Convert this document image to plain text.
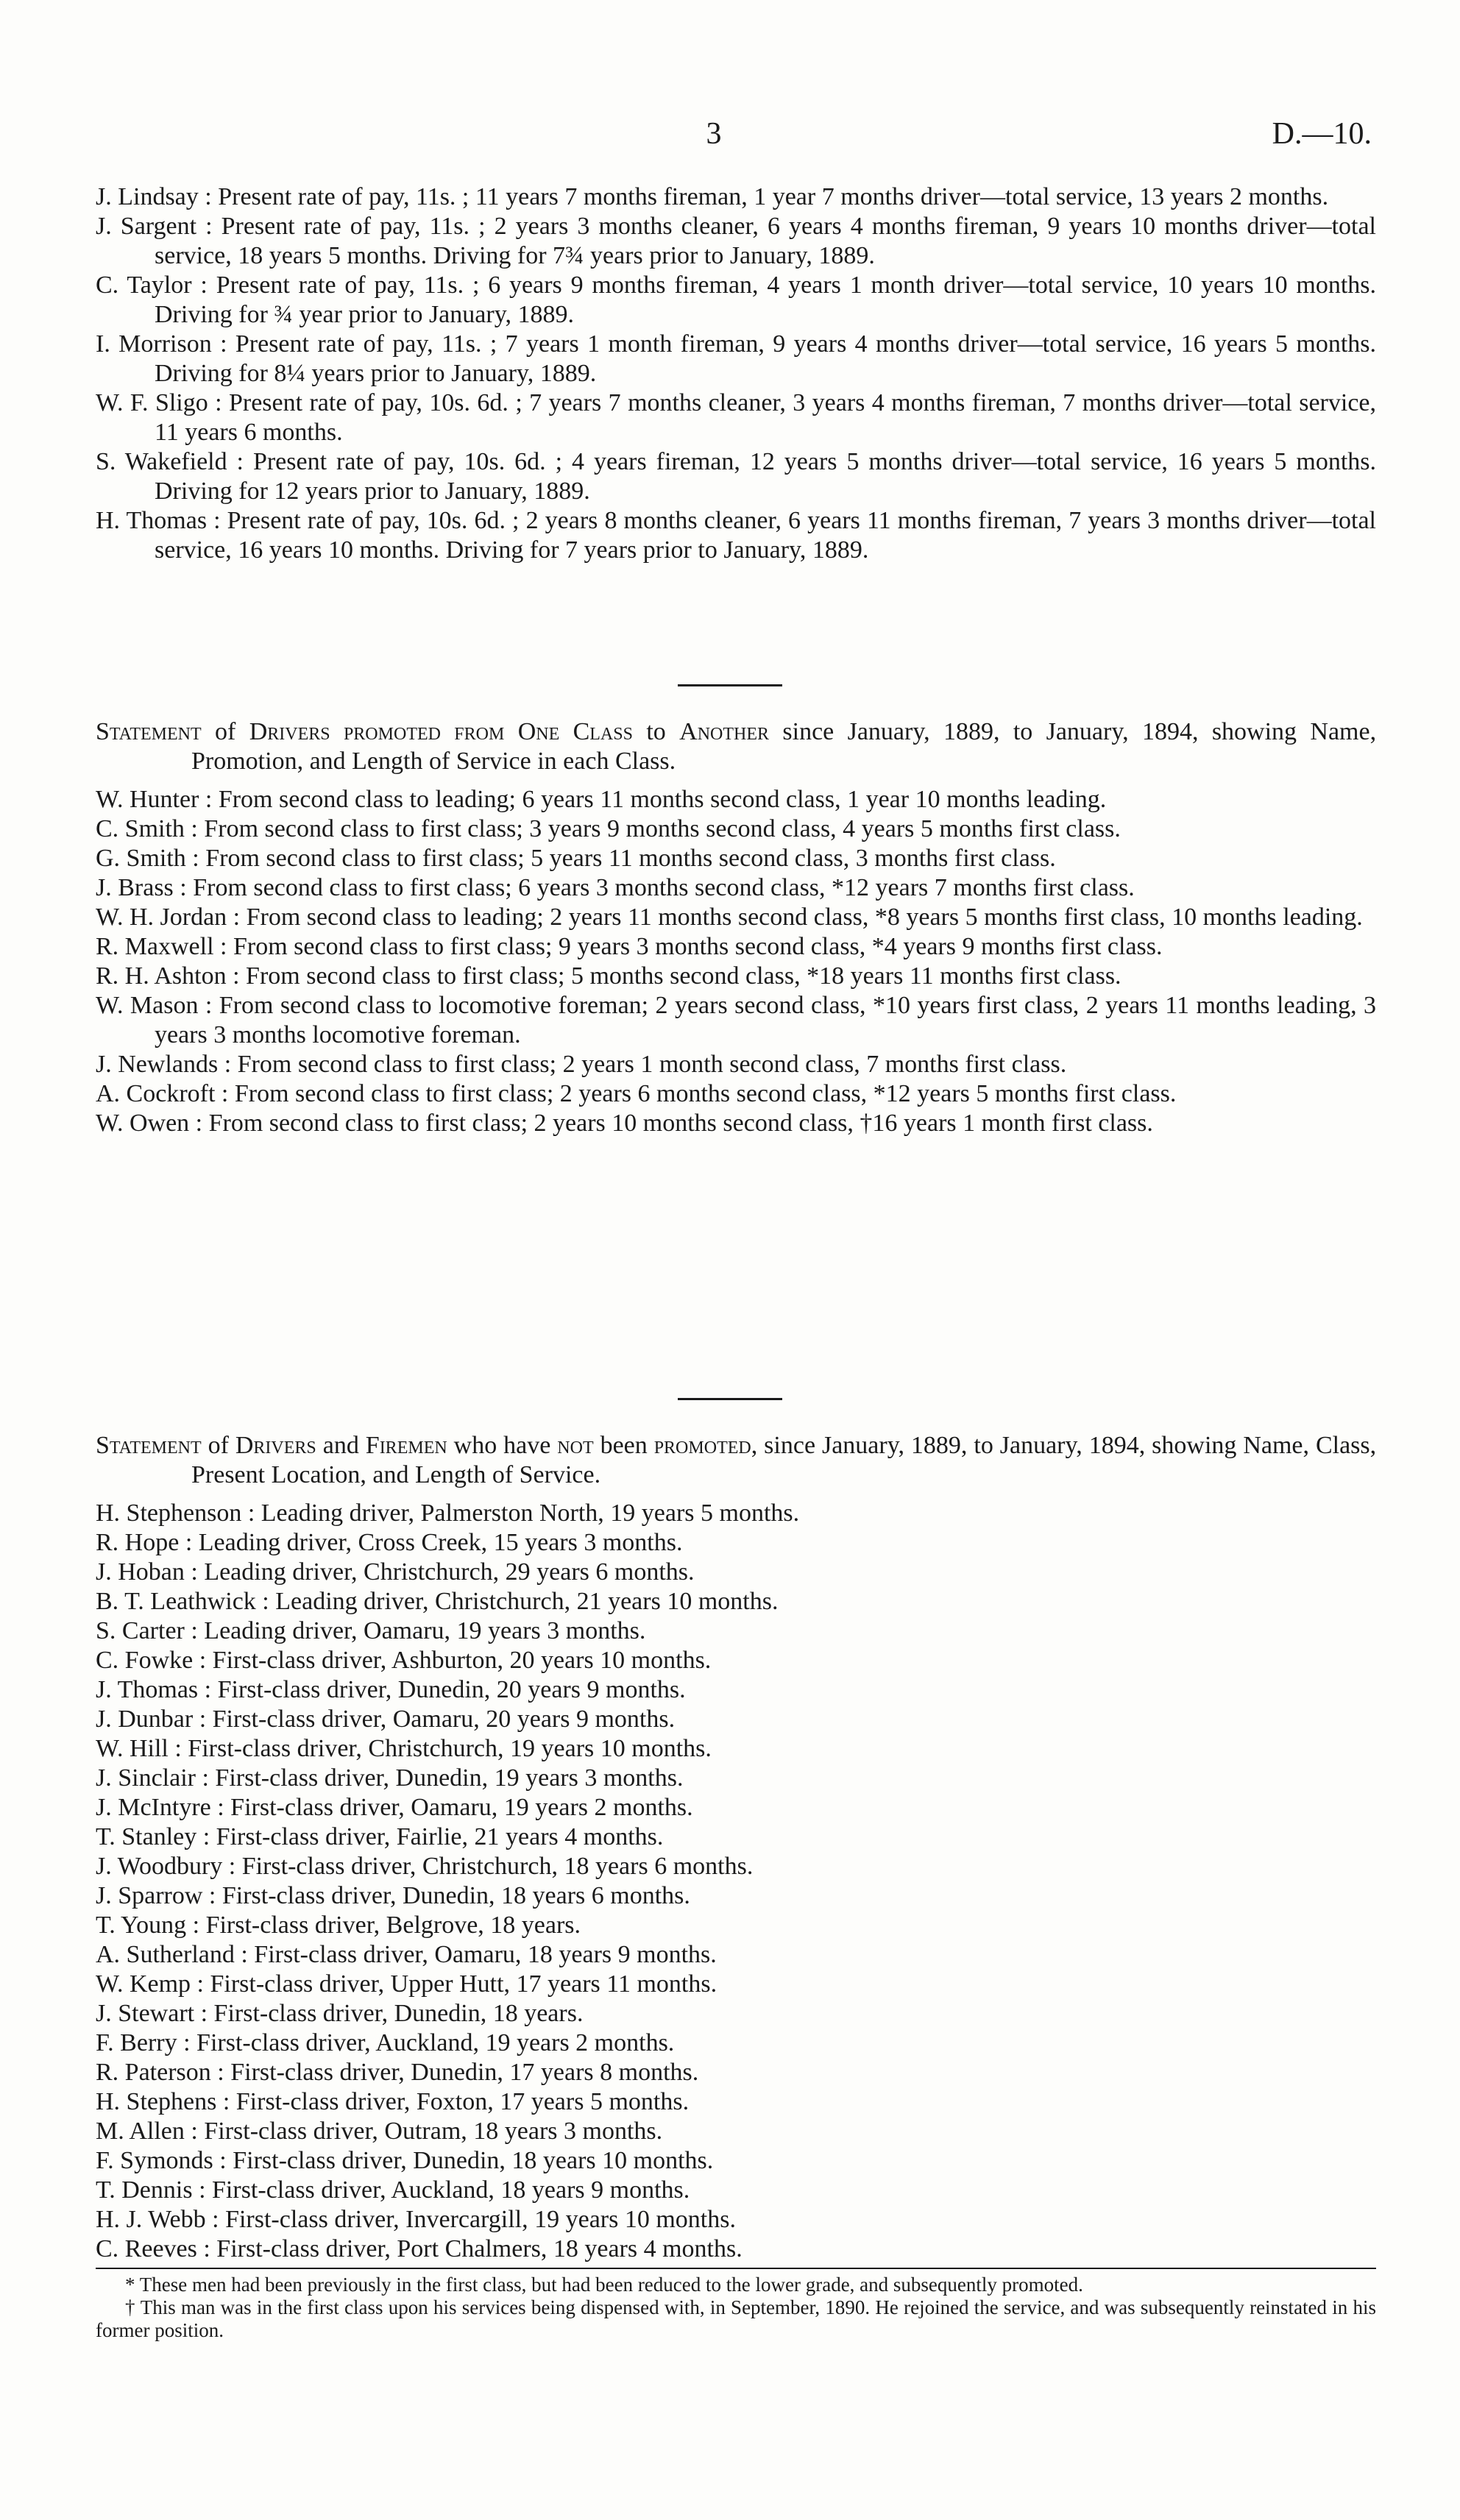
3	D.—10.

J. Lindsay : Present rate of pay, 11s. ; 11 years 7 months fireman, 1 year 7 months driver—total service, 13 years 2 months.

J. Sargent : Present rate of pay, 11s. ; 2 years 3 months cleaner, 6 years 4 months fireman, 9 years 10 months driver—total service, 18 years 5 months. Driving for 7¾ years prior to January, 1889.

C. Taylor : Present rate of pay, 11s. ; 6 years 9 months fireman, 4 years 1 month driver—total service, 10 years 10 months. Driving for ¾ year prior to January, 1889.

I. Morrison : Present rate of pay, 11s. ; 7 years 1 month fireman, 9 years 4 months driver—total service, 16 years 5 months. Driving for 8¼ years prior to January, 1889.

W. F. Sligo : Present rate of pay, 10s. 6d. ; 7 years 7 months cleaner, 3 years 4 months fireman, 7 months driver—total service, 11 years 6 months.

S. Wakefield : Present rate of pay, 10s. 6d. ; 4 years fireman, 12 years 5 months driver—total service, 16 years 5 months. Driving for 12 years prior to January, 1889.

H. Thomas : Present rate of pay, 10s. 6d. ; 2 years 8 months cleaner, 6 years 11 months fireman, 7 years 3 months driver—total service, 16 years 10 months. Driving for 7 years prior to January, 1889.

Statement of Drivers promoted from One Class to Another since January, 1889, to January, 1894, showing Name, Promotion, and Length of Service in each Class.

W. Hunter : From second class to leading; 6 years 11 months second class, 1 year 10 months leading.

C. Smith : From second class to first class; 3 years 9 months second class, 4 years 5 months first class.

G. Smith : From second class to first class; 5 years 11 months second class, 3 months first class.

J. Brass : From second class to first class; 6 years 3 months second class, *12 years 7 months first class.

W. H. Jordan : From second class to leading; 2 years 11 months second class, *8 years 5 months first class, 10 months leading.

R. Maxwell : From second class to first class; 9 years 3 months second class, *4 years 9 months first class.

R. H. Ashton : From second class to first class; 5 months second class, *18 years 11 months first class.

W. Mason : From second class to locomotive foreman; 2 years second class, *10 years first class, 2 years 11 months leading, 3 years 3 months locomotive foreman.

J. Newlands : From second class to first class; 2 years 1 month second class, 7 months first class.

A. Cockroft : From second class to first class; 2 years 6 months second class, *12 years 5 months first class.

W. Owen : From second class to first class; 2 years 10 months second class, †16 years 1 month first class.

Statement of Drivers and Firemen who have not been promoted, since January, 1889, to January, 1894, showing Name, Class, Present Location, and Length of Service.

H. Stephenson : Leading driver, Palmerston North, 19 years 5 months.

R. Hope : Leading driver, Cross Creek, 15 years 3 months.

J. Hoban : Leading driver, Christchurch, 29 years 6 months.

B. T. Leathwick : Leading driver, Christchurch, 21 years 10 months.

S. Carter : Leading driver, Oamaru, 19 years 3 months.

C. Fowke : First-class driver, Ashburton, 20 years 10 months.

J. Thomas : First-class driver, Dunedin, 20 years 9 months.

J. Dunbar : First-class driver, Oamaru, 20 years 9 months.

W. Hill : First-class driver, Christchurch, 19 years 10 months.

J. Sinclair : First-class driver, Dunedin, 19 years 3 months.

J. McIntyre : First-class driver, Oamaru, 19 years 2 months.

T. Stanley : First-class driver, Fairlie, 21 years 4 months.

J. Woodbury : First-class driver, Christchurch, 18 years 6 months.

J. Sparrow : First-class driver, Dunedin, 18 years 6 months.

T. Young : First-class driver, Belgrove, 18 years.

A. Sutherland : First-class driver, Oamaru, 18 years 9 months.

W. Kemp : First-class driver, Upper Hutt, 17 years 11 months.

J. Stewart : First-class driver, Dunedin, 18 years.

F. Berry : First-class driver, Auckland, 19 years 2 months.

R. Paterson : First-class driver, Dunedin, 17 years 8 months.

H. Stephens : First-class driver, Foxton, 17 years 5 months.

M. Allen : First-class driver, Outram, 18 years 3 months.

F. Symonds : First-class driver, Dunedin, 18 years 10 months.

T. Dennis : First-class driver, Auckland, 18 years 9 months.

H. J. Webb : First-class driver, Invercargill, 19 years 10 months.

C. Reeves : First-class driver, Port Chalmers, 18 years 4 months.

* These men had been previously in the first class, but had been reduced to the lower grade, and subsequently promoted.

† This man was in the first class upon his services being dispensed with, in September, 1890. He rejoined the service, and was subsequently reinstated in his former position.
